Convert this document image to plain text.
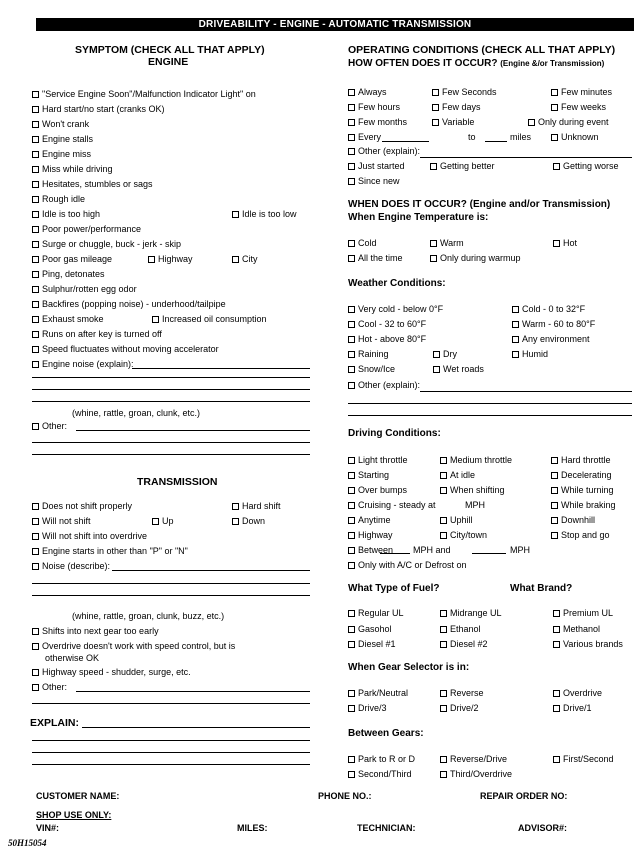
DRIVEABILITY - ENGINE - AUTOMATIC TRANSMISSION
SYMPTOM (CHECK ALL THAT APPLY)
ENGINE
(whine, rattle, groan, clunk, etc.)
Other:
TRANSMISSION
(whine, rattle, groan, clunk, buzz, etc.)
EXPLAIN:
OPERATING CONDITIONS (CHECK ALL THAT APPLY)
HOW OFTEN DOES IT OCCUR? (Engine &/or Transmission)
WHEN DOES IT OCCUR? (Engine and/or Transmission)
When Engine Temperature is:
Weather Conditions:
Driving Conditions:
What Type of Fuel?	What Brand?
When Gear Selector is in:
Between Gears:
CUSTOMER NAME:	PHONE NO.:	REPAIR ORDER NO:
SHOP USE ONLY:
VIN#:	MILES:	TECHNICIAN:	ADVISOR#:
50H15054
"Service Engine Soon"/Malfunction Indicator Light" on
Hard start/no start (cranks OK)
Won't crank
Engine stalls
Engine miss
Miss while driving
Hesitates, stumbles or sags
Rough idle
Idle is too high	Idle is too low
Poor power/performance
Surge or chuggle, buck - jerk - skip
Poor gas mileage	Highway	City
Ping, detonates
Sulphur/rotten egg odor
Backfires (popping noise) - underhood/tailpipe
Exhaust smoke	Increased oil consumption
Runs on after key is turned off
Speed fluctuates without moving accelerator
Engine noise (explain):
Does not shift properly	Hard shift
Will not shift	Up	Down
Will not shift into overdrive
Engine starts in other than "P" or "N"
Noise (describe):
Shifts into next gear too early
Overdrive doesn't work with speed control, but is
otherwise OK
Highway speed - shudder, surge, etc.
Other:
Always	Few Seconds	Few minutes
Few hours	Few days	Few weeks
Few months	Variable	Only during event
Every	to	miles	Unknown
Other (explain):
Just started	Getting better	Getting worse
Since new
Cold	Warm	Hot
All the time	Only during warmup
Very cold - below 0°F	Cold - 0 to 32°F
Cool - 32 to 60°F	Warm - 60 to 80°F
Hot - above 80°F	Any environment
Raining	Dry	Humid
Snow/Ice	Wet roads
Other (explain):
Light throttle	Medium throttle	Hard throttle
Starting	At idle	Decelerating
Over bumps	When shifting	While turning
Cruising - steady at	MPH	While braking
Anytime	Uphill	Downhill
Highway	City/town	Stop and go
Between MPH and	MPH
Only with A/C or Defrost on
Regular UL	Midrange UL	Premium UL
Gasohol	Ethanol	Methanol
Diesel #1	Diesel #2	Various brands
Park/Neutral	Reverse	Overdrive
Drive/3	Drive/2	Drive/1
Park to R or D	Reverse/Drive	First/Second
Second/Third	Third/Overdrive
